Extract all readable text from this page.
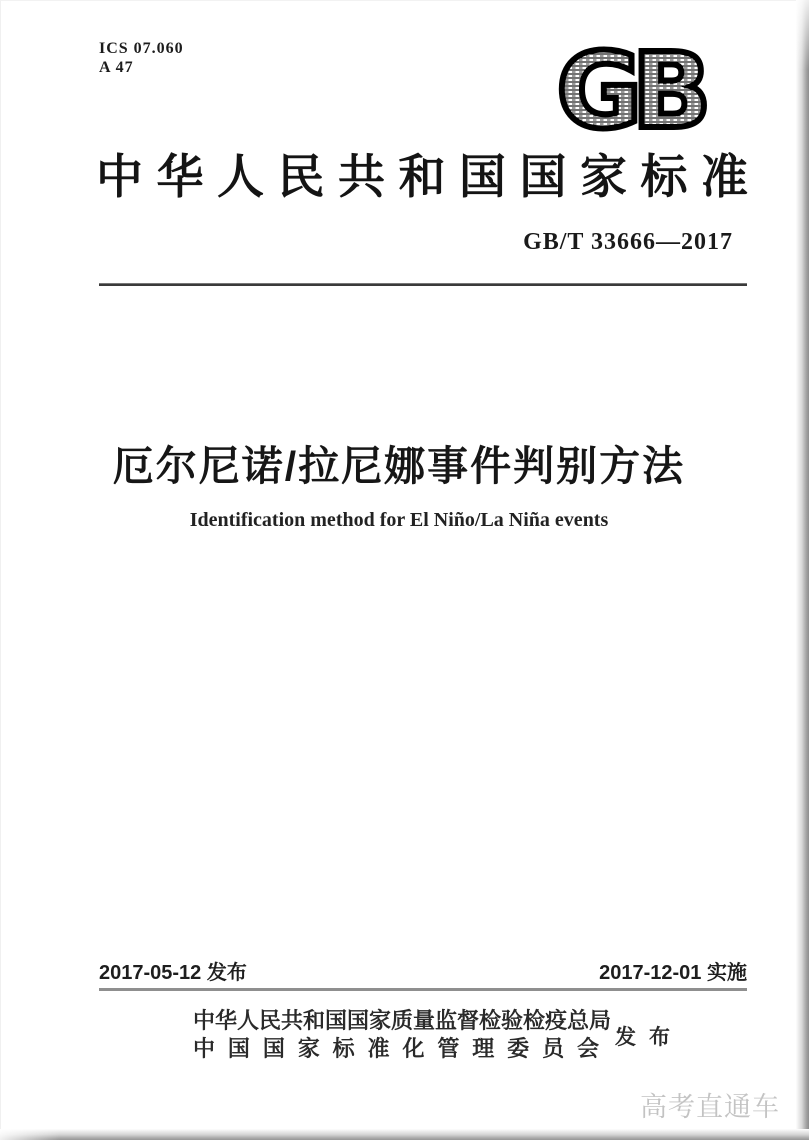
ICS 07.060
A 47	GB
中华人民共和国国家标准
GB/T 33666—2017
厄尔尼诺/拉尼娜事件判别方法
Identification method for El Niño/La Niña events
2017-05-12 发布	2017-12-01 实施
中华人民共和国国家质量监督检验检疫总局
中国国家标准化管理委员会 发布
高考直通车
